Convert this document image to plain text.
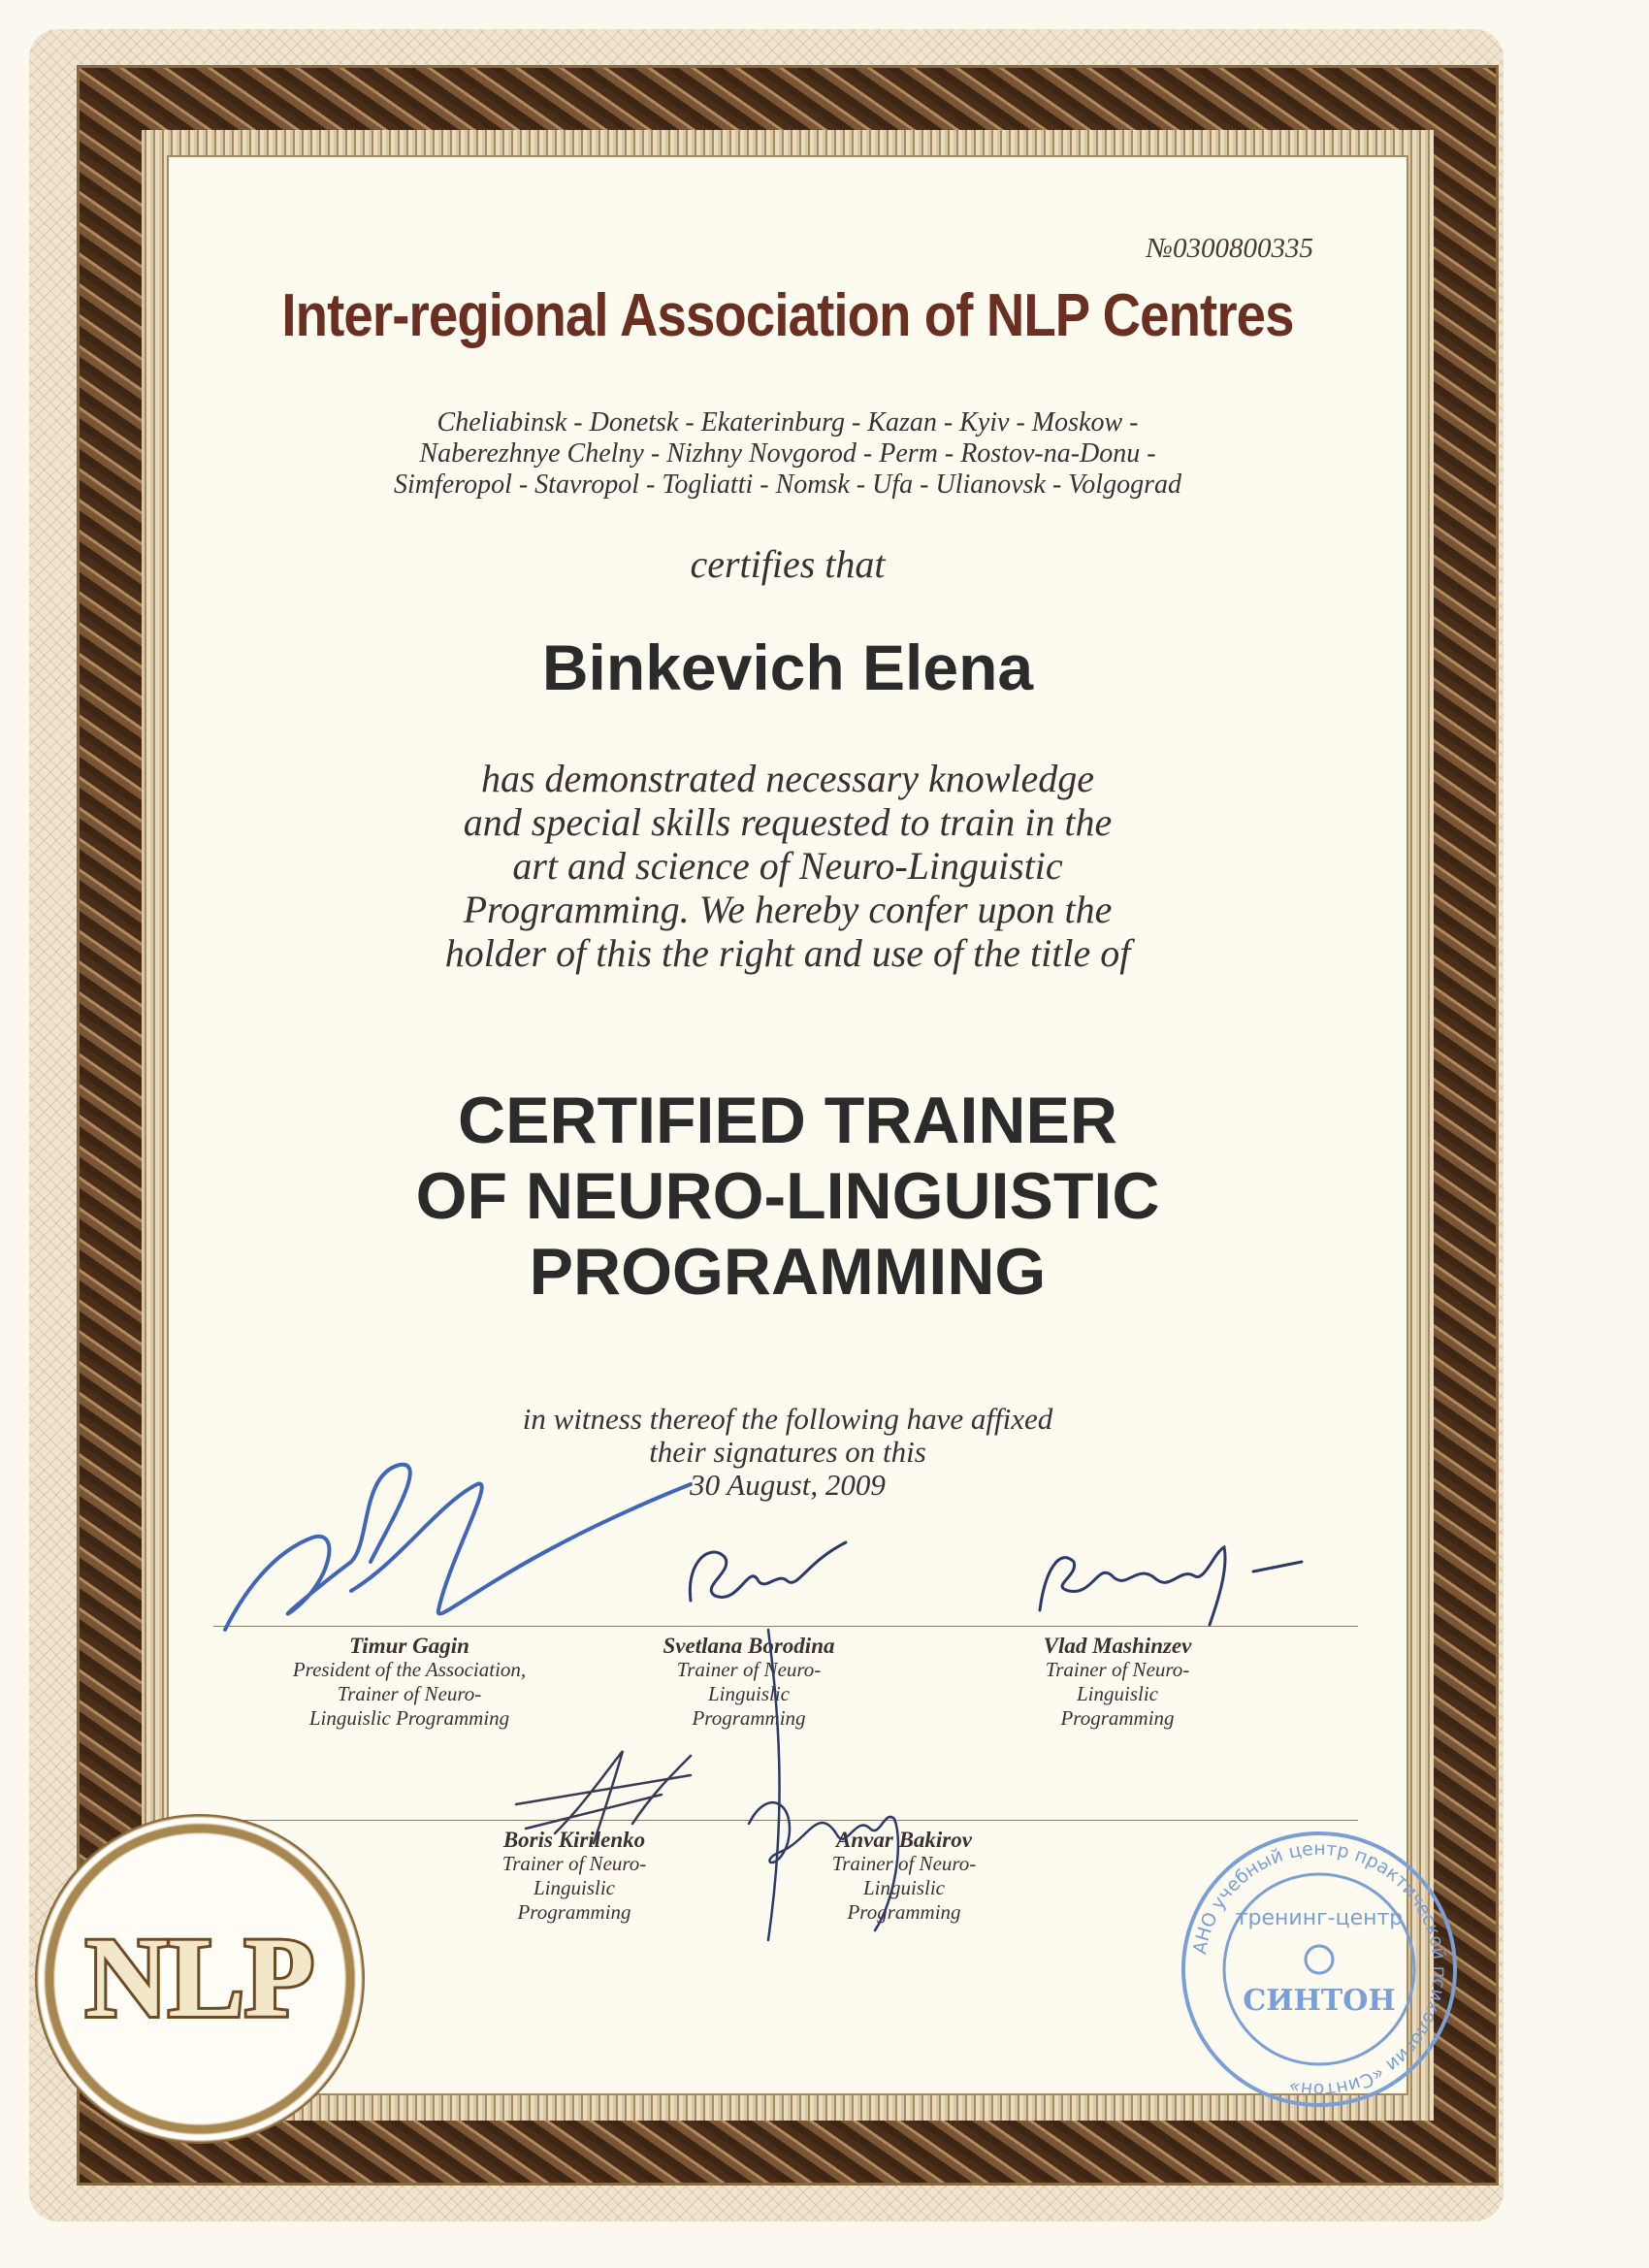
№0300800335
Inter-regional Association of NLP Centres
Cheliabinsk - Donetsk - Ekaterinburg - Kazan - Kyiv - Moskow -
Naberezhnye Chelny - Nizhny Novgorod - Perm - Rostov-na-Donu -
Simferopol - Stavropol - Togliatti - Nomsk - Ufa - Ulianovsk - Volgograd
certifies that
Binkevich Elena
has demonstrated necessary knowledge
and special skills requested to train in the
art and science of Neuro-Linguistic
Programming. We hereby confer upon the
holder of this the right and use of the title of
CERTIFIED TRAINER
OF NEURO-LINGUISTIC
PROGRAMMING
in witness thereof the following have affixed
their signatures on this
30 August, 2009
Timur Gagin
President of the Association,
Trainer of Neuro-
Linguislic Programming
Svetlana Borodina
Trainer of Neuro-
Linguislic
Programming
Vlad Mashinzev
Trainer of Neuro-
Linguislic
Programming
Boris Kirilenko
Trainer of Neuro-
Linguislic
Programming
Anvar Bakirov
Trainer of Neuro-
Linguislic
Programming
NLP	АНО учебный центр практической психологии «Синтон»
тренинг-центр
СИНТОН
